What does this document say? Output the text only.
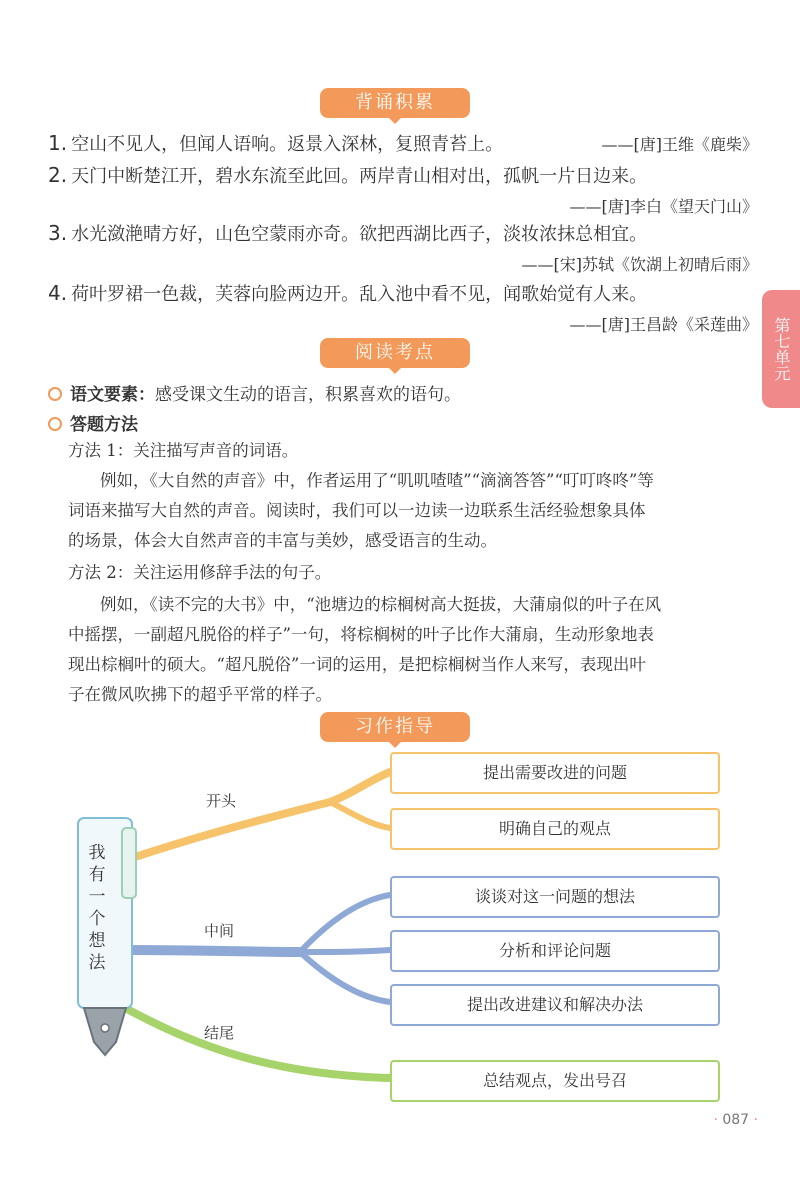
背诵积累
1. 空山不见人，但闻人语响。返景入深林，复照青苔上。	——[唐]王维《鹿柴》
2. 天门中断楚江开，碧水东流至此回。两岸青山相对出，孤帆一片日边来。
——[唐]李白《望天门山》
3. 水光潋滟晴方好，山色空蒙雨亦奇。欲把西湖比西子，淡妆浓抹总相宜。
——[宋]苏轼《饮湖上初晴后雨》
4. 荷叶罗裙一色裁，芙蓉向脸两边开。乱入池中看不见，闻歌始觉有人来。
——[唐]王昌龄《采莲曲》 第七单元
阅读考点
语文要素：感受课文生动的语言，积累喜欢的语句。
答题方法
方法 1：关注描写声音的词语。
例如，《大自然的声音》中，作者运用了“叽叽喳喳”“滴滴答答”“叮叮咚咚”等
词语来描写大自然的声音。阅读时，我们可以一边读一边联系生活经验想象具体
的场景，体会大自然声音的丰富与美妙，感受语言的生动。
方法 2：关注运用修辞手法的句子。
例如，《读不完的大书》中，“池塘边的棕榈树高大挺拔，大蒲扇似的叶子在风
中摇摆，一副超凡脱俗的样子”一句，将棕榈树的叶子比作大蒲扇，生动形象地表
现出棕榈叶的硕大。“超凡脱俗”一词的运用，是把棕榈树当作人来写，表现出叶
子在微风吹拂下的超乎平常的样子。
习作指导
我有一个想法
开头
中间
结尾
提出需要改进的问题
明确自己的观点
谈谈对这一问题的想法
分析和评论问题
提出改进建议和解决办法
总结观点，发出号召
· 087 ·
